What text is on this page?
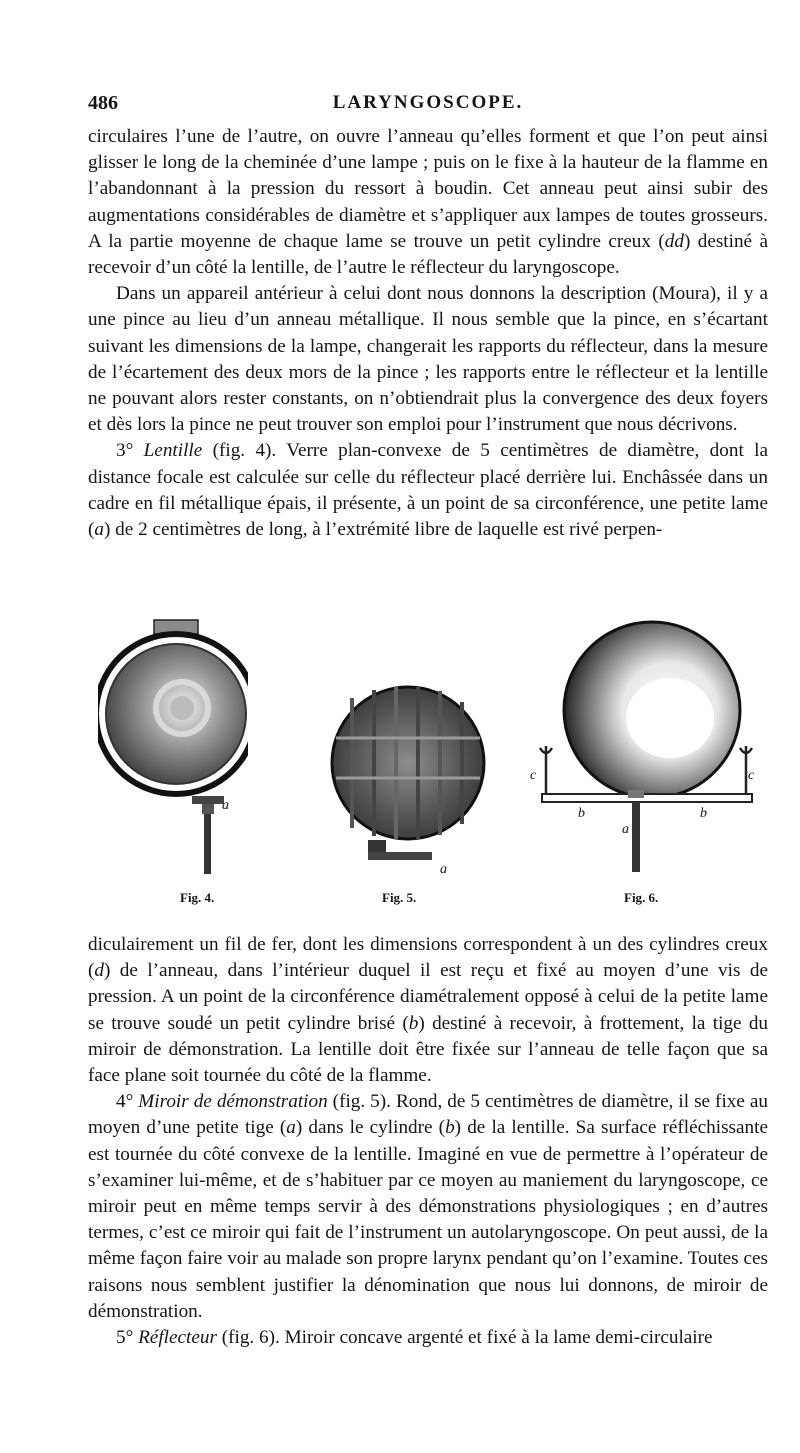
486	LARYNGOSCOPE.

circulaires l’une de l’autre, on ouvre l’anneau qu’elles forment et que l’on peut ainsi glisser le long de la cheminée d’une lampe ; puis on le fixe à la hauteur de la flamme en l’abandonnant à la pression du ressort à boudin. Cet anneau peut ainsi subir des augmentations considérables de diamètre et s’appliquer aux lampes de toutes grosseurs. A la partie moyenne de chaque lame se trouve un petit cylindre creux (dd) destiné à recevoir d’un côté la lentille, de l’autre le réflecteur du laryngoscope.

Dans un appareil antérieur à celui dont nous donnons la description (Moura), il y a une pince au lieu d’un anneau métallique. Il nous semble que la pince, en s’écartant suivant les dimensions de la lampe, changerait les rapports du réflecteur, dans la mesure de l’écartement des deux mors de la pince ; les rapports entre le réflecteur et la lentille ne pouvant alors rester constants, on n’obtiendrait plus la convergence des deux foyers et dès lors la pince ne peut trouver son emploi pour l’instrument que nous décrivons.

3° Lentille (fig. 4). Verre plan-convexe de 5 centimètres de diamètre, dont la distance focale est calculée sur celle du réflecteur placé derrière lui. Enchâssée dans un cadre en fil métallique épais, il présente, à un point de sa circonférence, une petite lame (a) de 2 centimètres de long, à l’extrémité libre de laquelle est rivé perpen-

a
Fig. 4.
a
Fig. 5.
c	c
b	b
a
Fig. 6.

diculairement un fil de fer, dont les dimensions correspondent à un des cylindres creux (d) de l’anneau, dans l’intérieur duquel il est reçu et fixé au moyen d’une vis de pression. A un point de la circonférence diamétralement opposé à celui de la petite lame se trouve soudé un petit cylindre brisé (b) destiné à recevoir, à frottement, la tige du miroir de démonstration. La lentille doit être fixée sur l’anneau de telle façon que sa face plane soit tournée du côté de la flamme.

4° Miroir de démonstration (fig. 5). Rond, de 5 centimètres de diamètre, il se fixe au moyen d’une petite tige (a) dans le cylindre (b) de la lentille. Sa surface réfléchissante est tournée du côté convexe de la lentille. Imaginé en vue de permettre à l’opérateur de s’examiner lui-même, et de s’habituer par ce moyen au maniement du laryngoscope, ce miroir peut en même temps servir à des démonstrations physiologiques ; en d’autres termes, c’est ce miroir qui fait de l’instrument un autolaryngoscope. On peut aussi, de la même façon faire voir au malade son propre larynx pendant qu’on l’examine. Toutes ces raisons nous semblent justifier la dénomination que nous lui donnons, de miroir de démonstration.

5° Réflecteur (fig. 6). Miroir concave argenté et fixé à la lame demi-circulaire
